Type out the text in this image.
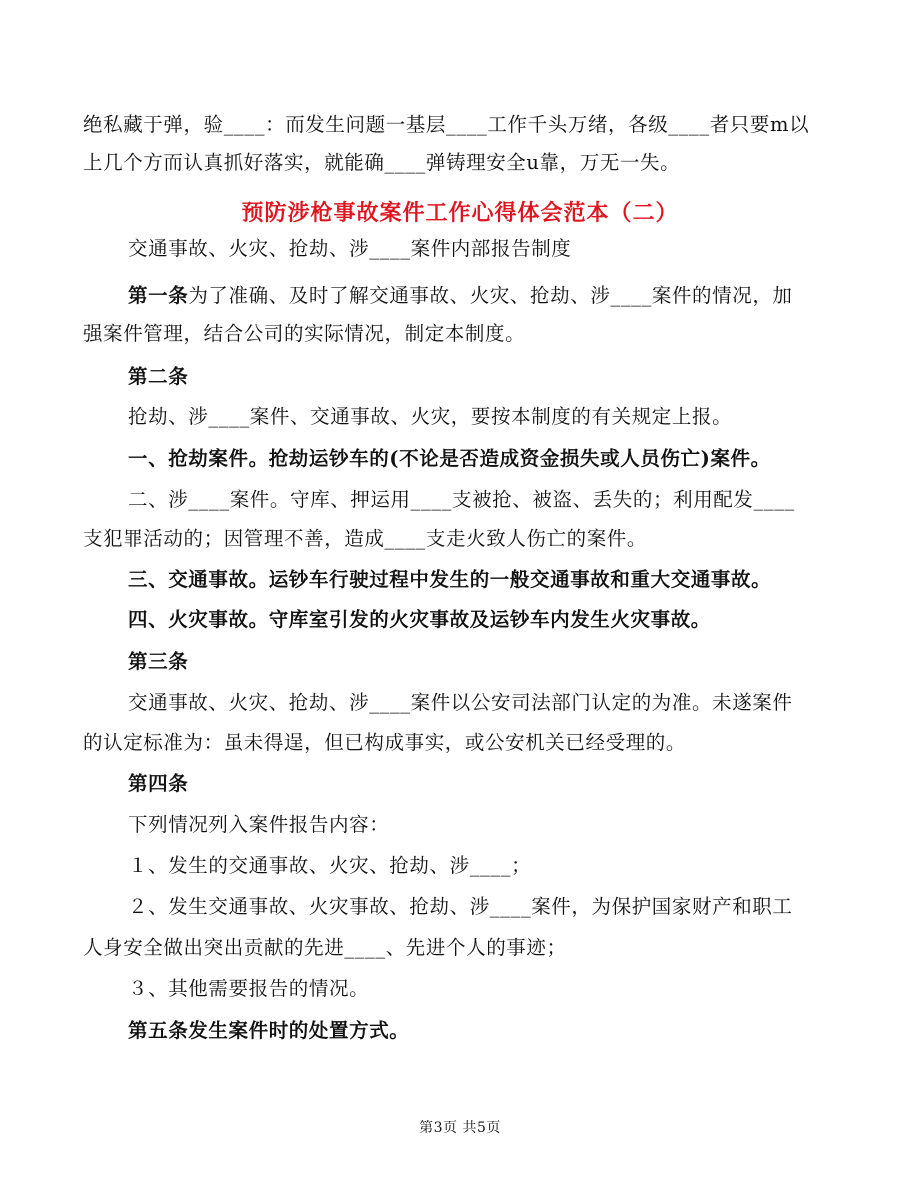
绝私藏于弹，验____：而发生问题一基层____工作千头万绪，各级____者只要m以
上几个方而认真抓好落实，就能确____弹铸理安全u靠，万无一失。
预防涉枪事故案件工作心得体会范本（二）
交通事故、火灾、抢劫、涉____案件内部报告制度
第一条为了准确、及时了解交通事故、火灾、抢劫、涉____案件的情况，加
强案件管理，结合公司的实际情况，制定本制度。
第二条
抢劫、涉____案件、交通事故、火灾，要按本制度的有关规定上报。
一、抢劫案件。抢劫运钞车的(不论是否造成资金损失或人员伤亡)案件。
二、涉____案件。守库、押运用____支被抢、被盗、丢失的；利用配发____
支犯罪活动的；因管理不善，造成____支走火致人伤亡的案件。
三、交通事故。运钞车行驶过程中发生的一般交通事故和重大交通事故。
四、火灾事故。守库室引发的火灾事故及运钞车内发生火灾事故。
第三条
交通事故、火灾、抢劫、涉____案件以公安司法部门认定的为准。未遂案件
的认定标准为：虽未得逞，但已构成事实，或公安机关已经受理的。
第四条
下列情况列入案件报告内容：
１、发生的交通事故、火灾、抢劫、涉____；
２、发生交通事故、火灾事故、抢劫、涉____案件，为保护国家财产和职工
人身安全做出突出贡献的先进____、先进个人的事迹；
３、其他需要报告的情况。
第五条发生案件时的处置方式。
第3页 共5页
